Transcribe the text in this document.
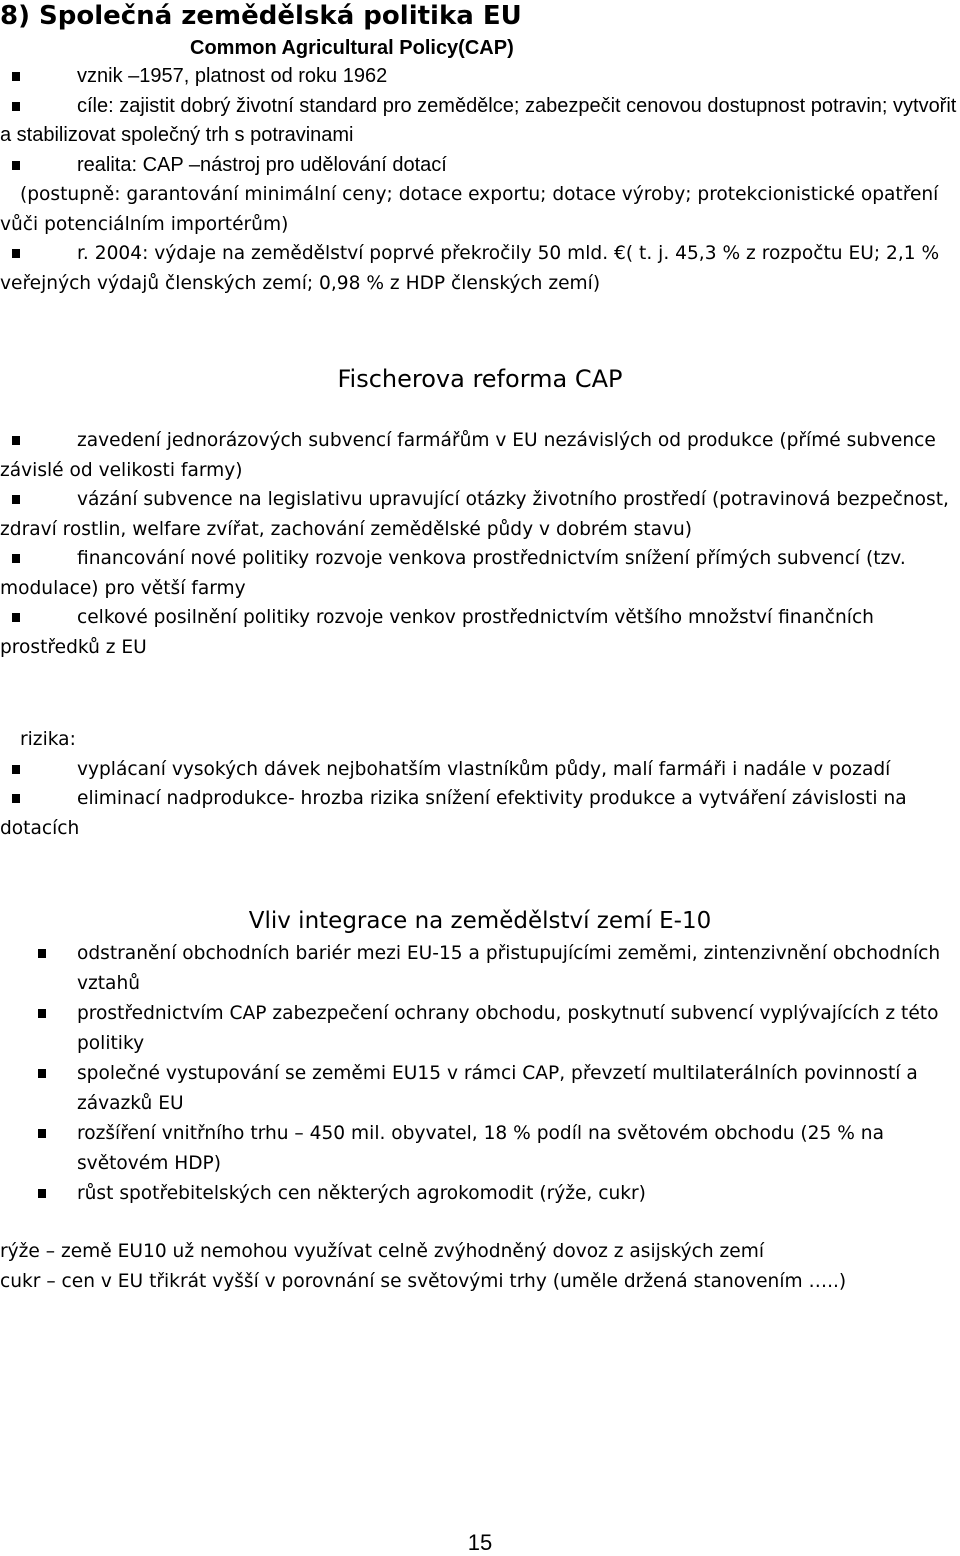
8) Společná zemědělská politika EU
Common Agricultural Policy(CAP)

vznik –1957, platnost od roku 1962

cíle: zajistit dobrý životní standard pro zemědělce; zabezpečit cenovou dostupnost potravin; vytvořit a stabilizovat společný trh s potravinami

realita: CAP –nástroj pro udělování dotací

(postupně: garantování minimální ceny; dotace exportu; dotace výroby; protekcionistické opatření vůči potenciálním importérům)

r. 2004: výdaje na zemědělství poprvé překročily 50 mld. €( t. j. 45,3 % z rozpočtu EU; 2,1 % veřejných výdajů členských zemí; 0,98 % z HDP členských zemí)

Fischerova reforma CAP

zavedení jednorázových subvencí farmářům v EU nezávislých od produkce (přímé subvence závislé od velikosti farmy)

vázání subvence na legislativu upravující otázky životního prostředí (potravinová bezpečnost, zdraví rostlin, welfare zvířat, zachování zemědělské půdy v dobrém stavu)

financování nové politiky rozvoje venkova prostřednictvím snížení přímých subvencí (tzv. modulace) pro větší farmy

celkové posilnění politiky rozvoje venkov prostřednictvím většího množství finančních prostředků z EU

rizika:

vyplácaní vysokých dávek nejbohatším vlastníkům půdy, malí farmáři i nadále v pozadí

eliminací nadprodukce- hrozba rizika snížení efektivity produkce a vytváření závislosti na dotacích

Vliv integrace na zemědělství zemí E-10

odstranění obchodních bariér mezi EU-15 a přistupujícími zeměmi, zintenzivnění obchodních vztahů

prostřednictvím CAP zabezpečení ochrany obchodu, poskytnutí subvencí vyplývajících z této politiky

společné vystupování se zeměmi EU15 v rámci CAP, převzetí multilaterálních povinností a závazků EU

rozšíření vnitřního trhu – 450 mil. obyvatel, 18 % podíl na světovém obchodu (25 % na světovém HDP)

růst spotřebitelských cen některých agrokomodit (rýže, cukr)

rýže – země EU10 už nemohou využívat celně zvýhodněný dovoz z asijských zemí

cukr – cen v EU třikrát vyšší v porovnání se světovými trhy (uměle držená stanovením …..)

15
